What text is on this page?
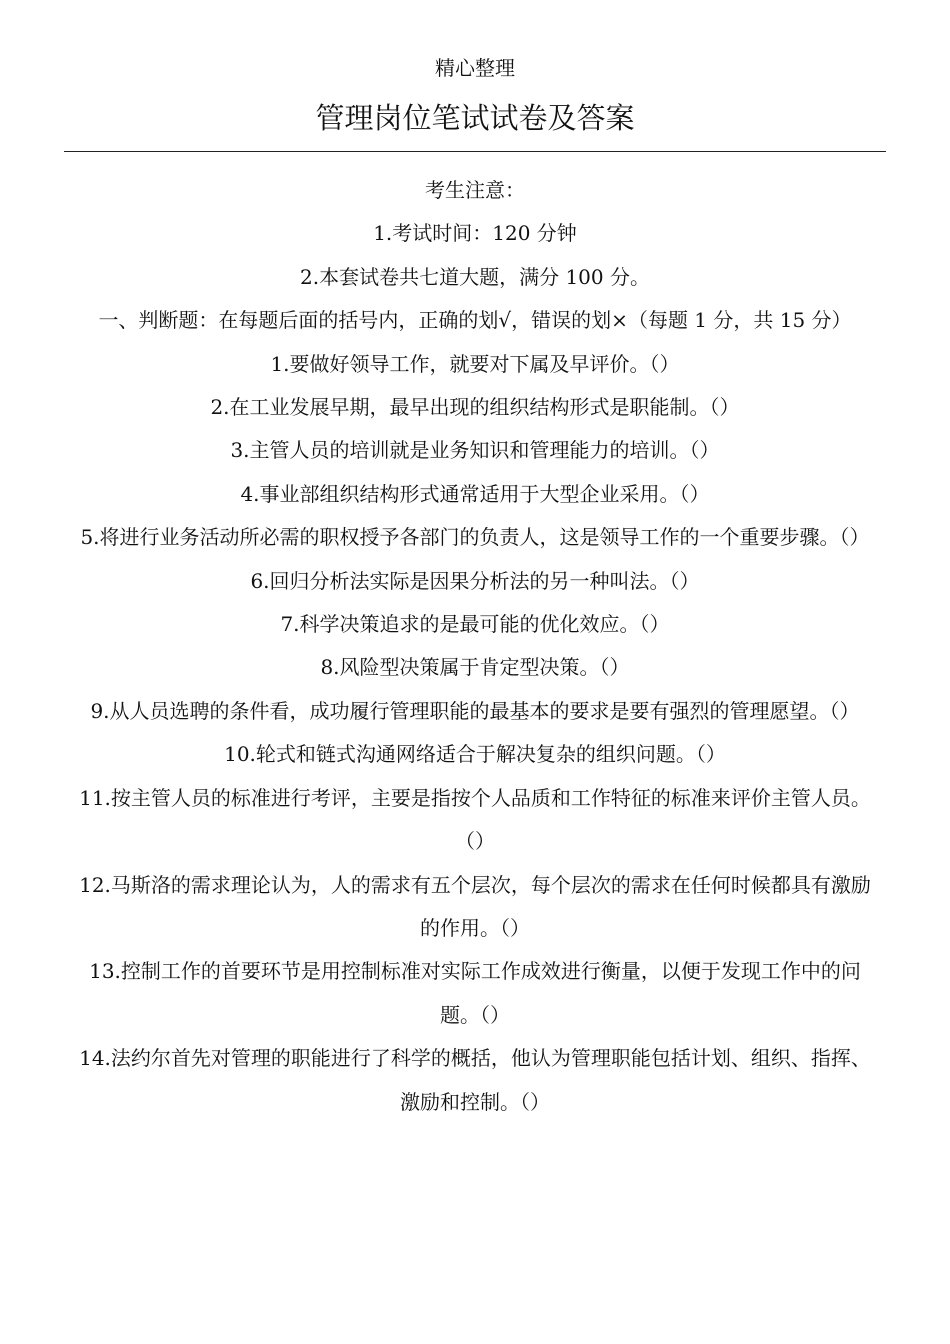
精心整理
管理岗位笔试试卷及答案

考生注意：

1.考试时间：120 分钟

2.本套试卷共七道大题，满分 100 分。

一、判断题：在每题后面的括号内，正确的划√，错误的划×（每题 1 分，共 15 分）

1.要做好领导工作，就要对下属及早评价。（）

2.在工业发展早期，最早出现的组织结构形式是职能制。（）

3.主管人员的培训就是业务知识和管理能力的培训。（）

4.事业部组织结构形式通常适用于大型企业采用。（）

5.将进行业务活动所必需的职权授予各部门的负责人，这是领导工作的一个重要步骤。（）

6.回归分析法实际是因果分析法的另一种叫法。（）

7.科学决策追求的是最可能的优化效应。（）

8.风险型决策属于肯定型决策。（）

9.从人员选聘的条件看，成功履行管理职能的最基本的要求是要有强烈的管理愿望。（）

10.轮式和链式沟通网络适合于解决复杂的组织问题。（）

11.按主管人员的标准进行考评，主要是指按个人品质和工作特征的标准来评价主管人员。（）

12.马斯洛的需求理论认为，人的需求有五个层次，每个层次的需求在任何时候都具有激励的作用。（）

13.控制工作的首要环节是用控制标准对实际工作成效进行衡量，以便于发现工作中的问题。（）

14.法约尔首先对管理的职能进行了科学的概括，他认为管理职能包括计划、组织、指挥、激励和控制。（）
